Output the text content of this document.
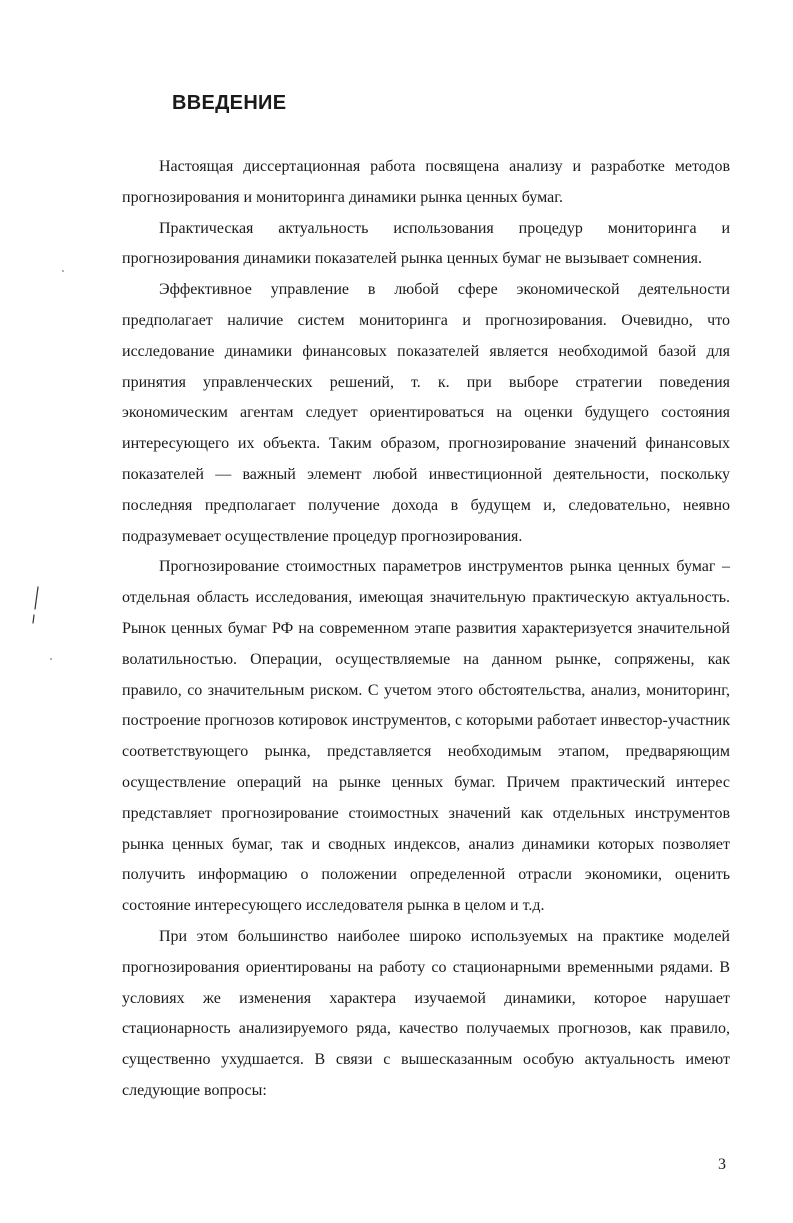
ВВЕДЕНИЕ

Настоящая диссертационная работа посвящена анализу и разработке методов прогнозирования и мониторинга динамики рынка ценных бумаг.

Практическая актуальность использования процедур мониторинга и прогнозирования динамики показателей рынка ценных бумаг не вызывает сомнения.

Эффективное управление в любой сфере экономической деятельности предполагает наличие систем мониторинга и прогнозирования. Очевидно, что исследование динамики финансовых показателей является необходимой базой для принятия управленческих решений, т. к. при выборе стратегии поведения экономическим агентам следует ориентироваться на оценки будущего состояния интересующего их объекта. Таким образом, прогнозирование значений финансовых показателей — важный элемент любой инвестиционной деятельности, поскольку последняя предполагает получение дохода в будущем и, следовательно, неявно подразумевает осуществление процедур прогнозирования.

Прогнозирование стоимостных параметров инструментов рынка ценных бумаг – отдельная область исследования, имеющая значительную практическую актуальность. Рынок ценных бумаг РФ на современном этапе развития характеризуется значительной волатильностью. Операции, осуществляемые на данном рынке, сопряжены, как правило, со значительным риском. С учетом этого обстоятельства, анализ, мониторинг, построение прогнозов котировок инструментов, с которыми работает инвестор-участник соответствующего рынка, представляется необходимым этапом, предваряющим осуществление операций на рынке ценных бумаг. Причем практический интерес представляет прогнозирование стоимостных значений как отдельных инструментов рынка ценных бумаг, так и сводных индексов, анализ динамики которых позволяет получить информацию о положении определенной отрасли экономики, оценить состояние интересующего исследователя рынка в целом и т.д.

При этом большинство наиболее широко используемых на практике моделей прогнозирования ориентированы на работу со стационарными временными рядами. В условиях же изменения характера изучаемой динамики, которое нарушает стационарность анализируемого ряда, качество получаемых прогнозов, как правило, существенно ухудшается. В связи с вышесказанным особую актуальность имеют следующие вопросы:

3
